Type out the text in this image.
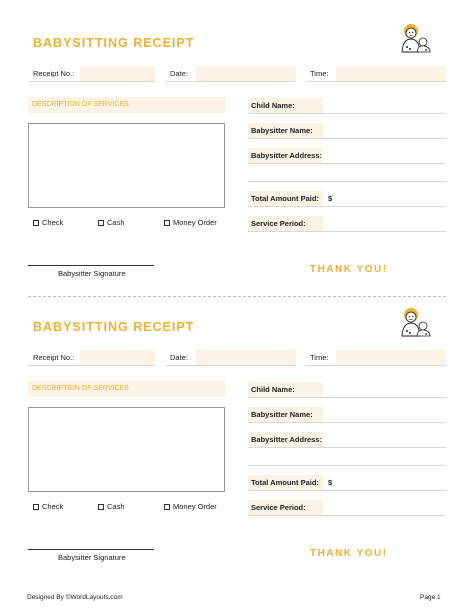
BABYSITTING RECEIPT
Receipt No.:	Date:	Time:
DESCRIPTION OF SERVICES
Check	Cash	Money Order
Child Name:
Babysitter Name:
Babysitter Address:
Total Amount Paid:	$
Service Period:
Babysitter Signature	THANK YOU!
BABYSITTING RECEIPT
Receipt No.:	Date:	Time:
DESCRIPTION OF SERVICES
Check	Cash	Money Order
Child Name:
Babysitter Name:
Babysitter Address:
Total Amount Paid:	$
Service Period:
Babysitter Signature	THANK YOU!
Designed By ©WordLayouts.com	Page 1
